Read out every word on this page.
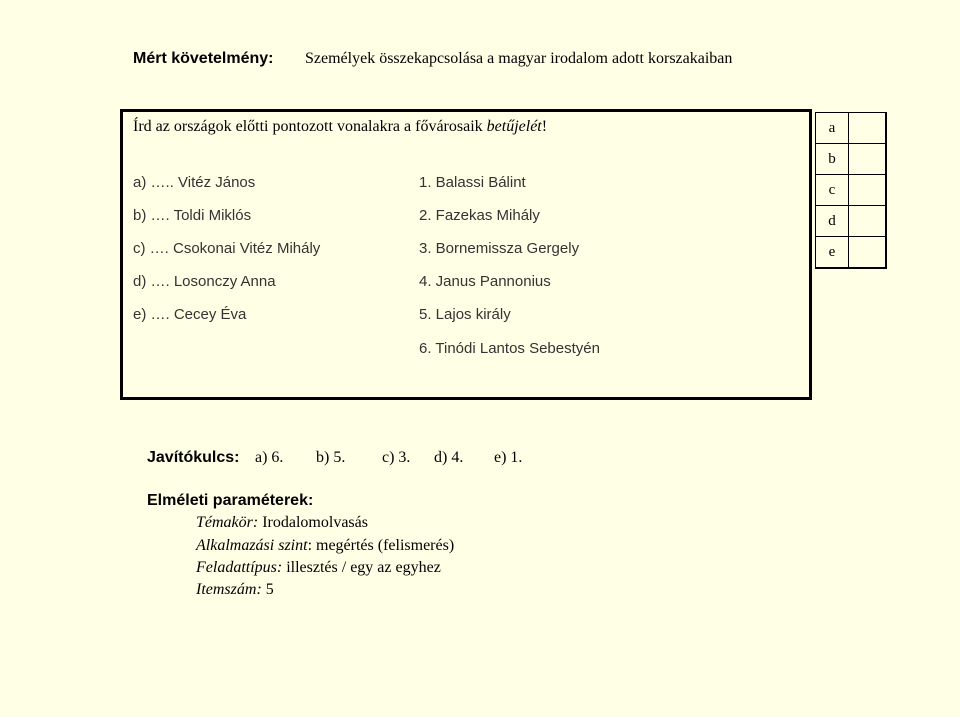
Mért követelmény: Személyek összekapcsolása a magyar irodalom adott korszakaiban
Írd az országok előtti pontozott vonalakra a fővárosaik betűjelét!
a) ….. Vitéz János
b) …. Toldi Miklós
c) …. Csokonai Vitéz Mihály
d) …. Losonczy Anna
e) …. Cecey Éva
1. Balassi Bálint
2. Fazekas Mihály
3. Bornemissza Gergely
4. Janus Pannonius
5. Lajos király
6. Tinódi Lantos Sebestyén
a	
b	
c	
d	
e	
Javítókulcs: a) 6. b) 5. c) 3. d) 4. e) 1.
Elméleti paraméterek:
Témakör: Irodalomolvasás
Alkalmazási szint: megértés (felismerés)
Feladattípus: illesztés / egy az egyhez
Itemszám: 5
